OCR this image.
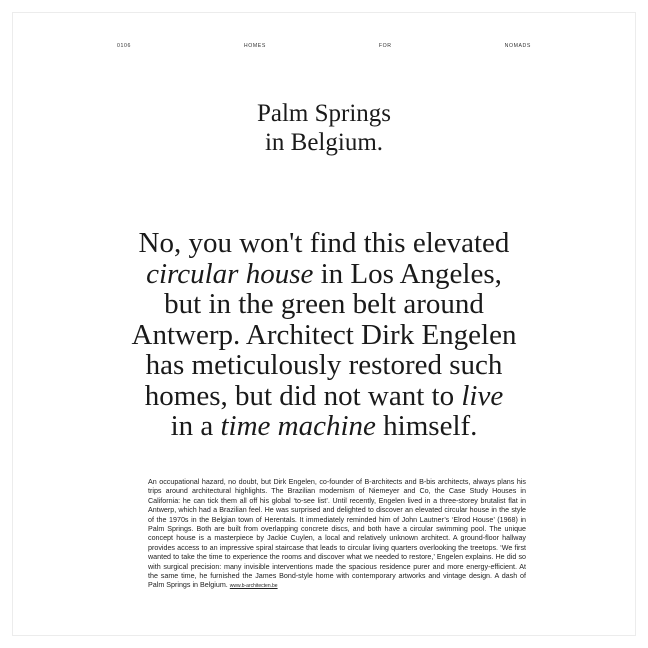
0106	HOMES	FOR	NOMADS
Palm Springs
in Belgium.
No, you won't find this elevated
circular house in Los Angeles,
but in the green belt around
Antwerp. Architect Dirk Engelen
has meticulously restored such
homes, but did not want to live
in a time machine himself.

An occupational hazard, no doubt, but Dirk Engelen, co-founder of B-architects and B-bis architects, always plans his trips around architectural highlights. The Brazilian modernism of Niemeyer and Co, the Case Study Houses in California: he can tick them all off his global ‘to-see list’. Until recently, Engelen lived in a three-storey brutalist flat in Antwerp, which had a Brazilian feel. He was surprised and delighted to discover an elevated circular house in the style of the 1970s in the Belgian town of Herentals. It immediately reminded him of John Lautner’s ‘Elrod House’ (1968) in Palm Springs. Both are built from overlapping concrete discs, and both have a circular swimming pool. The unique concept house is a masterpiece by Jackie Cuylen, a local and relatively unknown architect. A ground-floor hallway provides access to an impressive spiral staircase that leads to circular living quarters overlooking the treetops. ‘We first wanted to take the time to experience the rooms and discover what we needed to restore,’ Engelen explains. He did so with surgical precision: many invisible interventions made the spacious residence purer and more energy-efficient. At the same time, he furnished the James Bond-style home with contemporary artworks and vintage design. A dash of Palm Springs in Belgium. www.b-architecten.be
